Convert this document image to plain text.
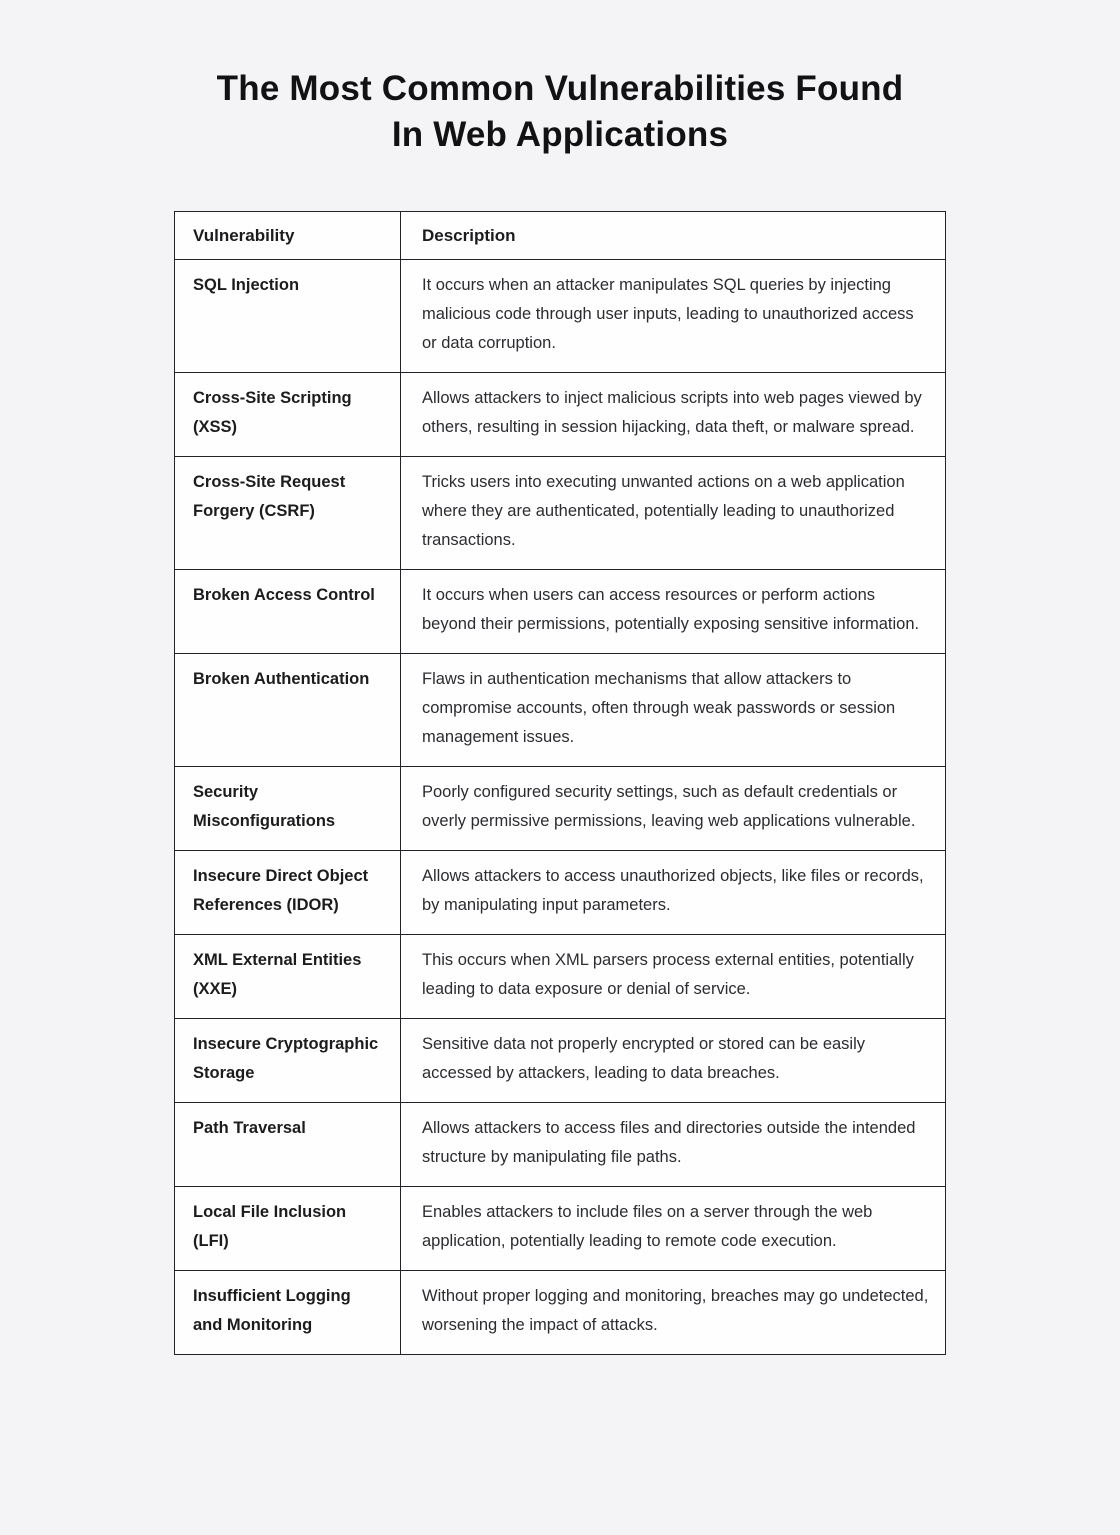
The Most Common Vulnerabilities Found
In Web Applications
Vulnerability	Description
SQL Injection	It occurs when an attacker manipulates SQL queries by injecting malicious code through user inputs, leading to unauthorized access or data corruption.
Cross-Site Scripting (XSS)	Allows attackers to inject malicious scripts into web pages viewed by others, resulting in session hijacking, data theft, or malware spread.
Cross-Site Request Forgery (CSRF)	Tricks users into executing unwanted actions on a web application where they are authenticated, potentially leading to unauthorized transactions.
Broken Access Control	It occurs when users can access resources or perform actions beyond their permissions, potentially exposing sensitive information.
Broken Authentication	Flaws in authentication mechanisms that allow attackers to compromise accounts, often through weak passwords or session management issues.
Security Misconfigurations	Poorly configured security settings, such as default credentials or overly permissive permissions, leaving web applications vulnerable.
Insecure Direct Object References (IDOR)	Allows attackers to access unauthorized objects, like files or records, by manipulating input parameters.
XML External Entities (XXE)	This occurs when XML parsers process external entities, potentially leading to data exposure or denial of service.
Insecure Cryptographic Storage	Sensitive data not properly encrypted or stored can be easily accessed by attackers, leading to data breaches.
Path Traversal	Allows attackers to access files and directories outside the intended structure by manipulating file paths.
Local File Inclusion (LFI)	Enables attackers to include files on a server through the web application, potentially leading to remote code execution.
Insufficient Logging and Monitoring	Without proper logging and monitoring, breaches may go undetected, worsening the impact of attacks.
